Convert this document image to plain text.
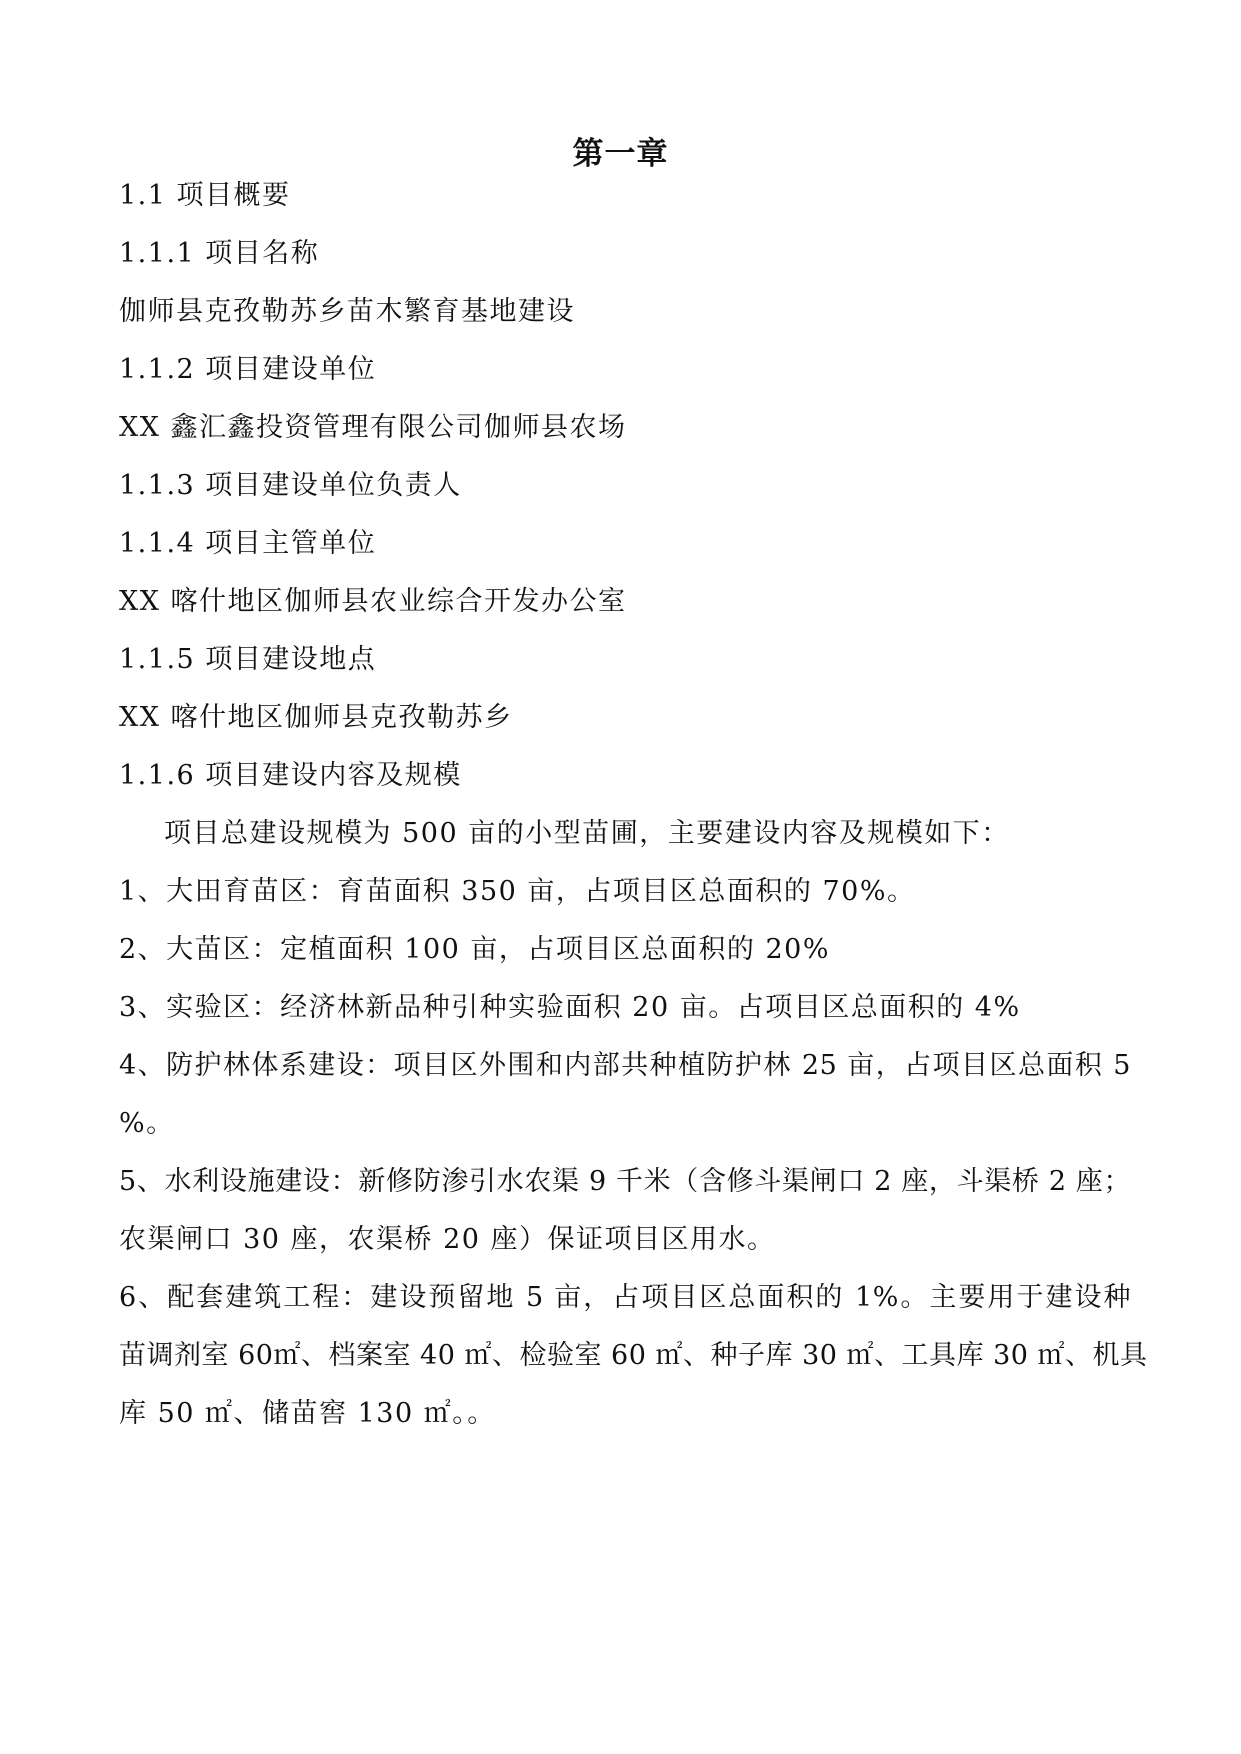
第一章
1.1 项目概要
1.1.1 项目名称
伽师县克孜勒苏乡苗木繁育基地建设
1.1.2 项目建设单位
XX 鑫汇鑫投资管理有限公司伽师县农场
1.1.3 项目建设单位负责人
1.1.4 项目主管单位
XX 喀什地区伽师县农业综合开发办公室
1.1.5 项目建设地点
XX 喀什地区伽师县克孜勒苏乡
1.1.6 项目建设内容及规模
项目总建设规模为 500 亩的小型苗圃，主要建设内容及规模如下：
1、大田育苗区：育苗面积 350 亩，占项目区总面积的 70%。
2、大苗区：定植面积 100 亩，占项目区总面积的 20%
3、实验区：经济林新品种引种实验面积 20 亩。占项目区总面积的 4%
4、防护林体系建设：项目区外围和内部共种植防护林 25 亩，占项目区总面积 5
%。
5、水利设施建设：新修防渗引水农渠 9 千米（含修斗渠闸口 2 座，斗渠桥 2 座；
农渠闸口 30 座，农渠桥 20 座）保证项目区用水。
6、配套建筑工程：建设预留地 5 亩，占项目区总面积的 1%。主要用于建设种
苗调剂室 60㎡、档案室 40 ㎡、检验室 60 ㎡、种子库 30 ㎡、工具库 30 ㎡、机具
库 50 ㎡、储苗窖 130 ㎡。。
